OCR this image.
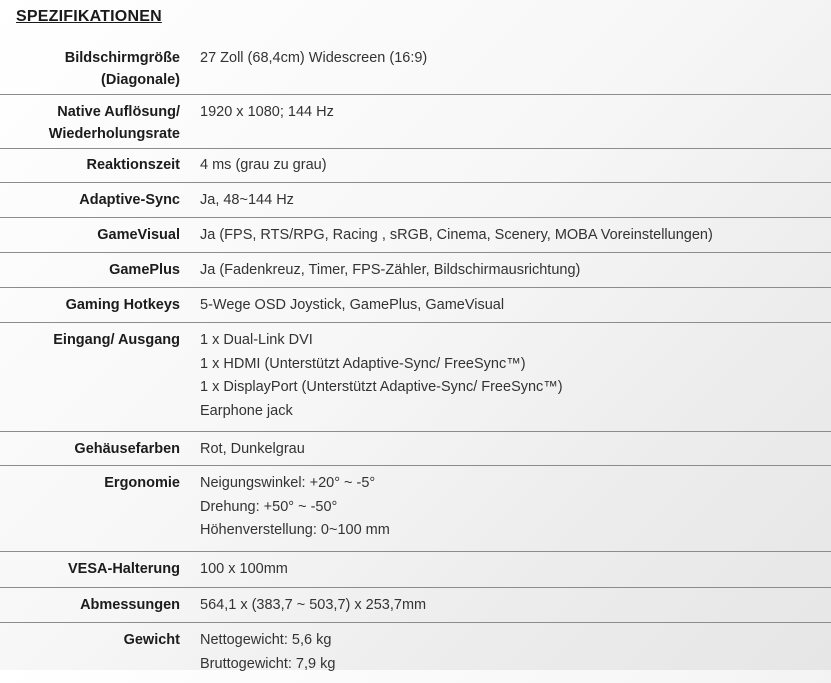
SPEZIFIKATIONEN
Bildschirmgröße
(Diagonale)
27 Zoll (68,4cm) Widescreen (16:9)
Native Auflösung/
Wiederholungsrate
1920 x 1080; 144 Hz
Reaktionszeit 4 ms (grau zu grau)
Adaptive-Sync Ja, 48~144 Hz
GameVisual Ja (FPS, RTS/RPG, Racing , sRGB, Cinema, Scenery, MOBA Voreinstellungen)
GamePlus Ja (Fadenkreuz, Timer, FPS-Zähler, Bildschirmausrichtung)
Gaming Hotkeys 5-Wege OSD Joystick, GamePlus, GameVisual
Eingang/ Ausgang 1 x Dual-Link DVI
1 x HDMI (Unterstützt Adaptive-Sync/ FreeSync™)
1 x DisplayPort (Unterstützt Adaptive-Sync/ FreeSync™)
Earphone jack
Gehäusefarben Rot, Dunkelgrau
Ergonomie Neigungswinkel: +20° ~ -5°
Drehung: +50° ~ -50°
Höhenverstellung: 0~100 mm
VESA-Halterung 100 x 100mm
Abmessungen 564,1 x (383,7 ~ 503,7) x 253,7mm
Gewicht Nettogewicht: 5,6 kg
Bruttogewicht: 7,9 kg
